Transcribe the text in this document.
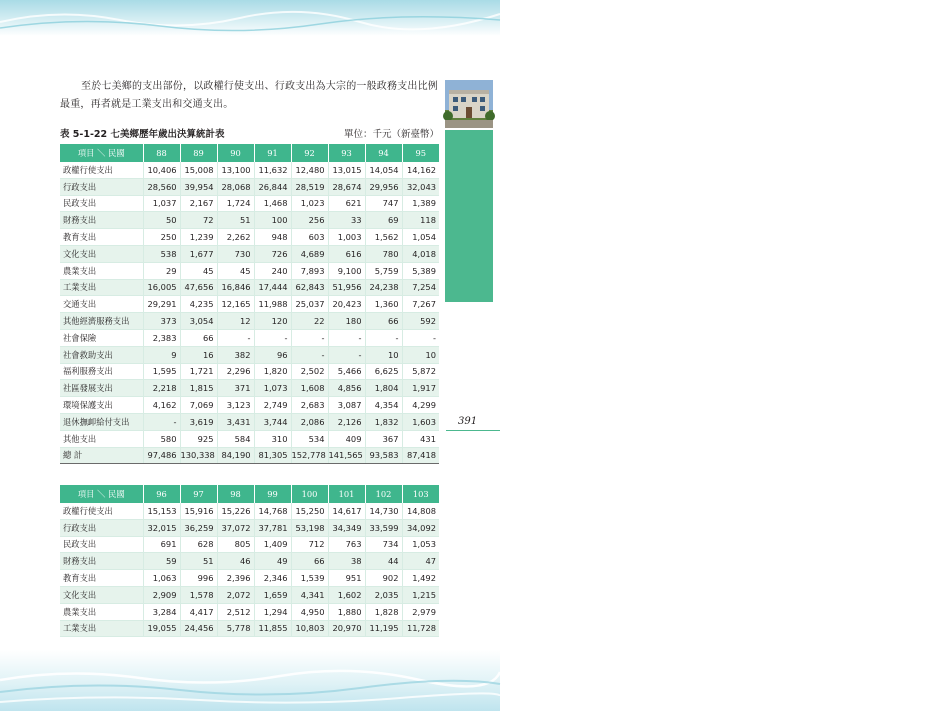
至於七美鄉的支出部份，以政權行使支出、行政支出為大宗的一般政務支出比例最重，再者就是工業支出和交通支出。

表 5-1-22 七美鄉歷年歲出決算統計表	單位：千元（新臺幣）
項目 ＼ 民國	88	89	90	91	92	93	94	95
政權行使支出	10,406	15,008	13,100	11,632	12,480	13,015	14,054	14,162
行政支出	28,560	39,954	28,068	26,844	28,519	28,674	29,956	32,043
民政支出	1,037	2,167	1,724	1,468	1,023	621	747	1,389
財務支出	50	72	51	100	256	33	69	118
教育支出	250	1,239	2,262	948	603	1,003	1,562	1,054
文化支出	538	1,677	730	726	4,689	616	780	4,018
農業支出	29	45	45	240	7,893	9,100	5,759	5,389
工業支出	16,005	47,656	16,846	17,444	62,843	51,956	24,238	7,254
交通支出	29,291	4,235	12,165	11,988	25,037	20,423	1,360	7,267
其他經濟服務支出	373	3,054	12	120	22	180	66	592
社會保險	2,383	66	-	-	-	-	-	-
社會救助支出	9	16	382	96	-	-	10	10
福利服務支出	1,595	1,721	2,296	1,820	2,502	5,466	6,625	5,872
社區發展支出	2,218	1,815	371	1,073	1,608	4,856	1,804	1,917
環境保護支出	4,162	7,069	3,123	2,749	2,683	3,087	4,354	4,299
退休撫卹給付支出	-	3,619	3,431	3,744	2,086	2,126	1,832	1,603
其他支出	580	925	584	310	534	409	367	431
總 計	97,486	130,338	84,190	81,305	152,778	141,565	93,583	87,418
項目 ＼ 民國	96	97	98	99	100	101	102	103
政權行使支出	15,153	15,916	15,226	14,768	15,250	14,617	14,730	14,808
行政支出	32,015	36,259	37,072	37,781	53,198	34,349	33,599	34,092
民政支出	691	628	805	1,409	712	763	734	1,053
財務支出	59	51	46	49	66	38	44	47
教育支出	1,063	996	2,396	2,346	1,539	951	902	1,492
文化支出	2,909	1,578	2,072	1,659	4,341	1,602	2,035	1,215
農業支出	3,284	4,417	2,512	1,294	4,950	1,880	1,828	2,979
工業支出	19,055	24,456	5,778	11,855	10,803	20,970	11,195	11,728
伍、政治篇
第一章 政制變革
391
